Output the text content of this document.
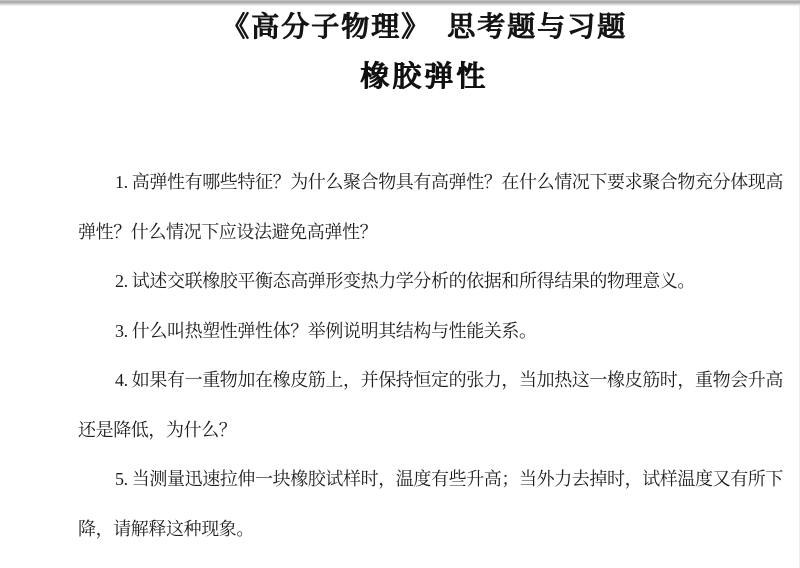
《高分子物理》　思考题与习题
橡胶弹性

1. 高弹性有哪些特征？为什么聚合物具有高弹性？在什么情况下要求聚合物充分体现高

弹性？什么情况下应设法避免高弹性？

2. 试述交联橡胶平衡态高弹形变热力学分析的依据和所得结果的物理意义。

3. 什么叫热塑性弹性体？举例说明其结构与性能关系。

4. 如果有一重物加在橡皮筋上，并保持恒定的张力，当加热这一橡皮筋时，重物会升高

还是降低，为什么？

5. 当测量迅速拉伸一块橡胶试样时，温度有些升高；当外力去掉时，试样温度又有所下

降，请解释这种现象。
